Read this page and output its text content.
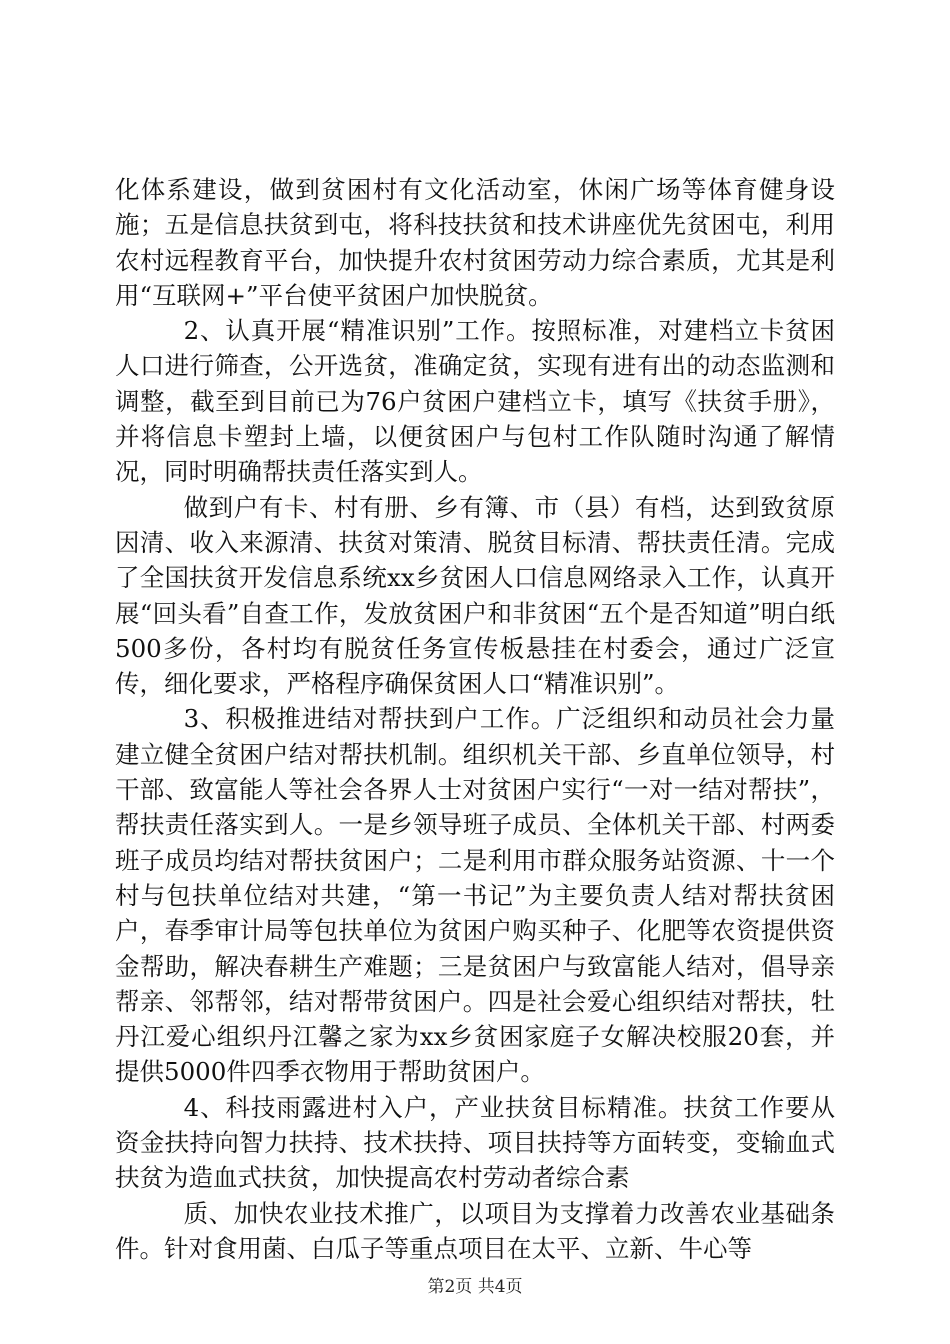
化体系建设，做到贫困村有文化活动室，休闲广场等体育健身设施；五是信息扶贫到屯，将科技扶贫和技术讲座优先贫困屯，利用农村远程教育平台，加快提升农村贫困劳动力综合素质，尤其是利用“互联网+”平台使平贫困户加快脱贫。

2、认真开展“精准识别”工作。按照标准，对建档立卡贫困人口进行筛查，公开选贫，准确定贫，实现有进有出的动态监测和调整，截至到目前已为76户贫困户建档立卡，填写《扶贫手册》，并将信息卡塑封上墙，以便贫困户与包村工作队随时沟通了解情况，同时明确帮扶责任落实到人。

做到户有卡、村有册、乡有簿、市（县）有档，达到致贫原因清、收入来源清、扶贫对策清、脱贫目标清、帮扶责任清。完成了全国扶贫开发信息系统xx乡贫困人口信息网络录入工作，认真开展“回头看”自查工作，发放贫困户和非贫困“五个是否知道”明白纸500多份，各村均有脱贫任务宣传板悬挂在村委会，通过广泛宣传，细化要求，严格程序确保贫困人口“精准识别”。

3、积极推进结对帮扶到户工作。广泛组织和动员社会力量建立健全贫困户结对帮扶机制。组织机关干部、乡直单位领导，村干部、致富能人等社会各界人士对贫困户实行“一对一结对帮扶”，帮扶责任落实到人。一是乡领导班子成员、全体机关干部、村两委班子成员均结对帮扶贫困户；二是利用市群众服务站资源、十一个村与包扶单位结对共建，“第一书记”为主要负责人结对帮扶贫困户，春季审计局等包扶单位为贫困户购买种子、化肥等农资提供资金帮助，解决春耕生产难题；三是贫困户与致富能人结对，倡导亲帮亲、邻帮邻，结对帮带贫困户。四是社会爱心组织结对帮扶，牡丹江爱心组织丹江馨之家为xx乡贫困家庭子女解决校服20套，并提供5000件四季衣物用于帮助贫困户。

4、科技雨露进村入户，产业扶贫目标精准。扶贫工作要从资金扶持向智力扶持、技术扶持、项目扶持等方面转变，变输血式扶贫为造血式扶贫，加快提高农村劳动者综合素

质、加快农业技术推广，以项目为支撑着力改善农业基础条件。针对食用菌、白瓜子等重点项目在太平、立新、牛心等

第2页 共4页
